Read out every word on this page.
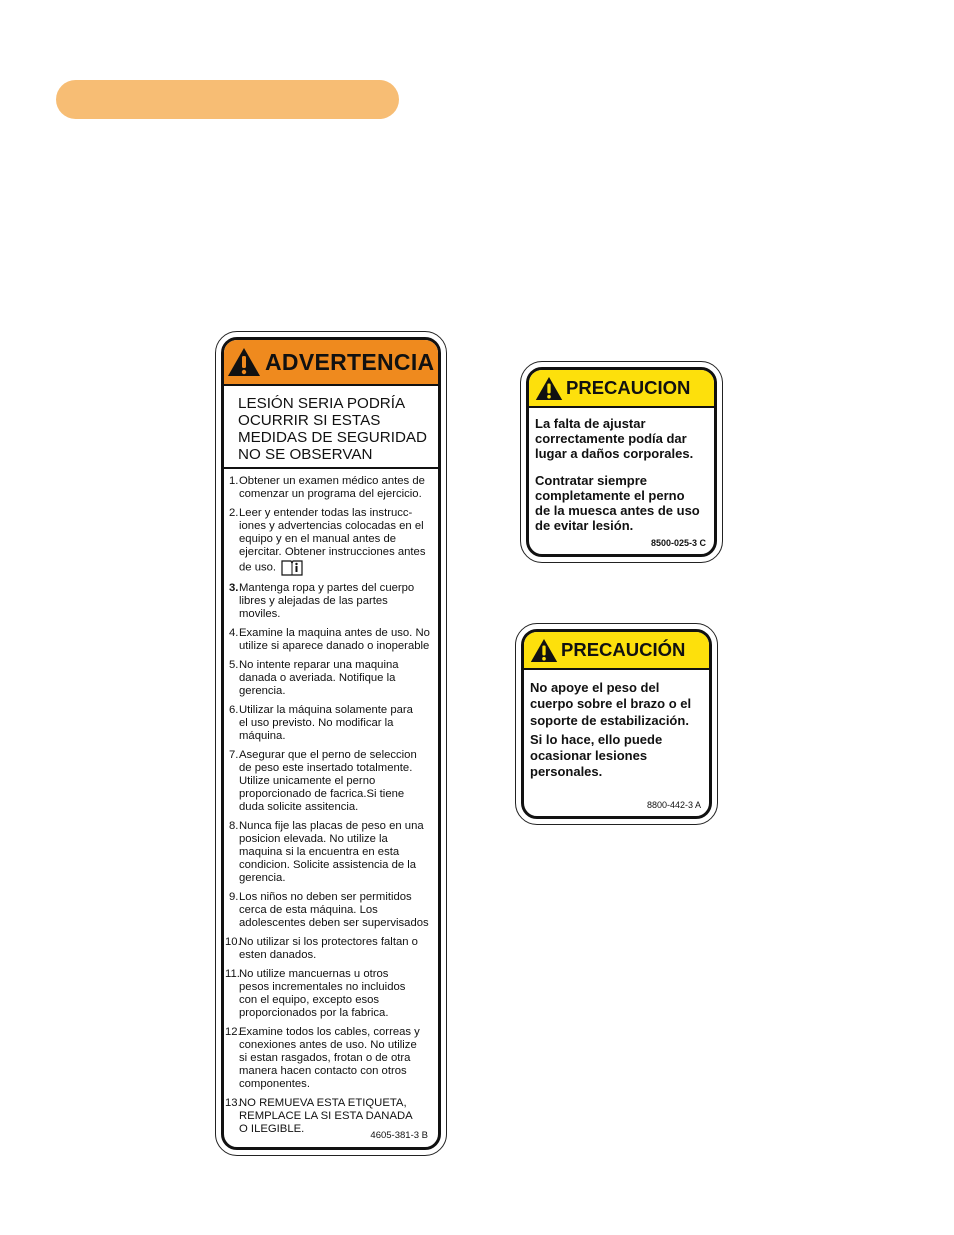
ADVERTENCIA
LESIÓN SERIA PODRÍA
OCURRIR SI ESTAS
MEDIDAS DE SEGURIDAD
NO SE OBSERVAN
1. Obtener un examen médico antes de
comenzar un programa del ejercicio.
2. Leer y entender todas las instrucc-
iones y advertencias colocadas en el
equipo y en el manual antes de
ejercitar. Obtener instrucciones antes
de uso.
3. Mantenga ropa y partes del cuerpo
libres y alejadas de las partes
moviles.
4. Examine la maquina antes de uso. No
utilize si aparece danado o inoperable
5. No intente reparar una maquina
danada o averiada. Notifique la
gerencia.
6. Utilizar la máquina solamente para
el uso previsto. No modificar la
máquina.
7. Asegurar que el perno de seleccion
de peso este insertado totalmente.
Utilize unicamente el perno
proporcionado de facrica.Si tiene
duda solicite assitencia.
8. Nunca fije las placas de peso en una
posicion elevada. No utilize la
maquina si la encuentra en esta
condicion. Solicite assistencia de la
gerencia.
9. Los niños no deben ser permitidos
cerca de esta máquina. Los
adolescentes deben ser supervisados
10.
No utilizar si los protectores faltan o
esten danados.
11. No utilize mancuernas u otros
pesos incrementales no incluidos
con el equipo, excepto esos
proporcionados por la fabrica.
12.
Examine todos los cables, correas y
conexiones antes de uso. No utilize
si estan rasgados, frotan o de otra
manera hacen contacto con otros
componentes.
13.
NO REMUEVA ESTA ETIQUETA,
REMPLACE LA SI ESTA DANADA
O ILEGIBLE.
4605-381-3 B
PRECAUCION
La falta de ajustar
correctamente podía dar
lugar a daños corporales.
Contratar siempre
completamente el perno
de la muesca antes de uso
de evitar lesión.
8500-025-3 C
PRECAUCIÓN
No apoye el peso del
cuerpo sobre el brazo o el
soporte de estabilización.
Si lo hace, ello puede
ocasionar lesiones
personales.
8800-442-3 A
